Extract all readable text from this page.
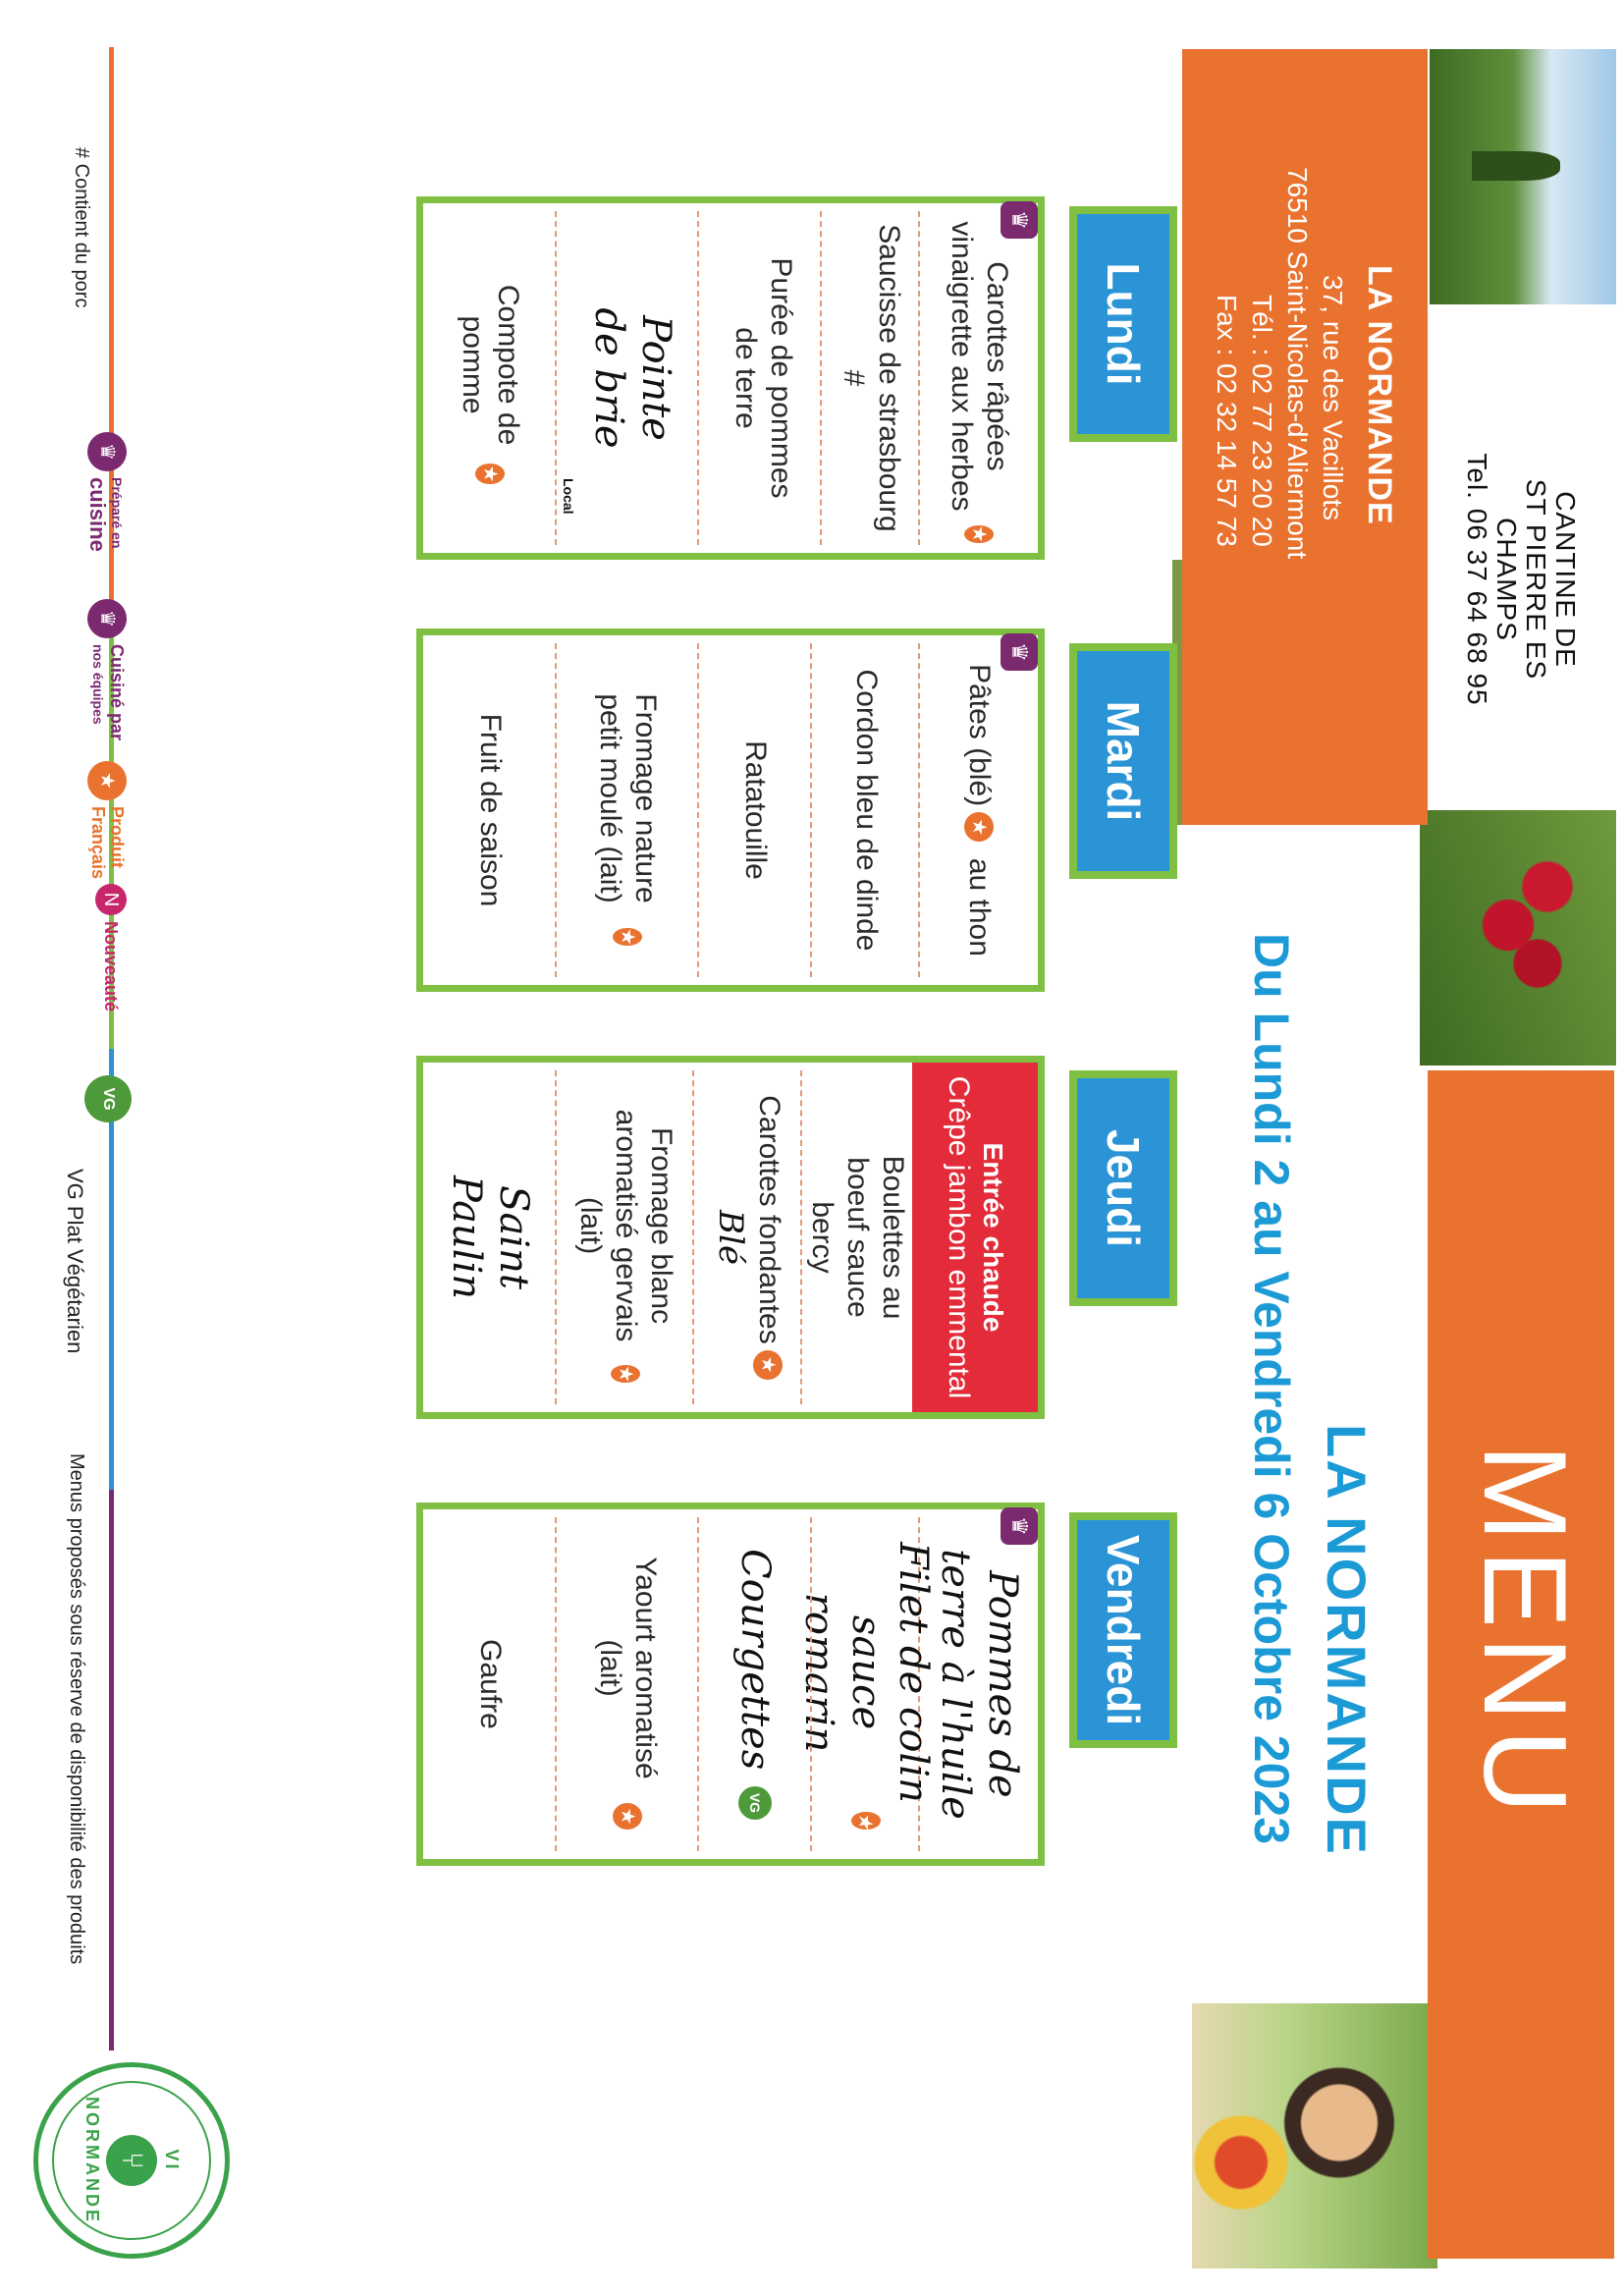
CANTINE DE
ST PIERRE ES CHAMPS
Tel. 06 37 64 68 95
MENU
LA NORMANDE
Du Lundi 2 au Vendredi 6 Octobre 2023
LA NORMANDE
37, rue des Vacillots
76510 Saint-Nicolas-d'Aliermont
Tél. : 02 77 23 20 20
Fax : 02 32 14 57 73
Lundi
Mardi
Jeudi
Vendredi
♛
Carottes râpées vinaigrette aux herbes
★
Saucisse de strasbourg #
Purée de pommes de terre
Pointe de brie
Local
Compote de pomme
★
♛
Pâtes (blé)
★

au thon
Cordon bleu de dinde
Ratatouille
Fromage nature petit moulé (lait)
★
Fruit de saison
Entrée chaude
Crêpe jambon emmental
Boulettes au boeuf sauce bercy
Carottes fondantes★
Blé
Fromage blanc aromatisé gervais (lait)
★
Saint Paulin
♛
Pommes de terre à l'huile
Filet de colin sauce romarin
★
Courgettes

VG
Yaourt aromatisé (lait)
★
Gaufre
# Contient du porc
♛
Préparé en
cuisine
♛
Cuisiné par
nos équipes
★
Produit
Français
N
Nouveauté
VG
VG Plat Végétarien
Menus proposés sous réserve de disponibilité des produits
VI
⑂
NORMANDE
